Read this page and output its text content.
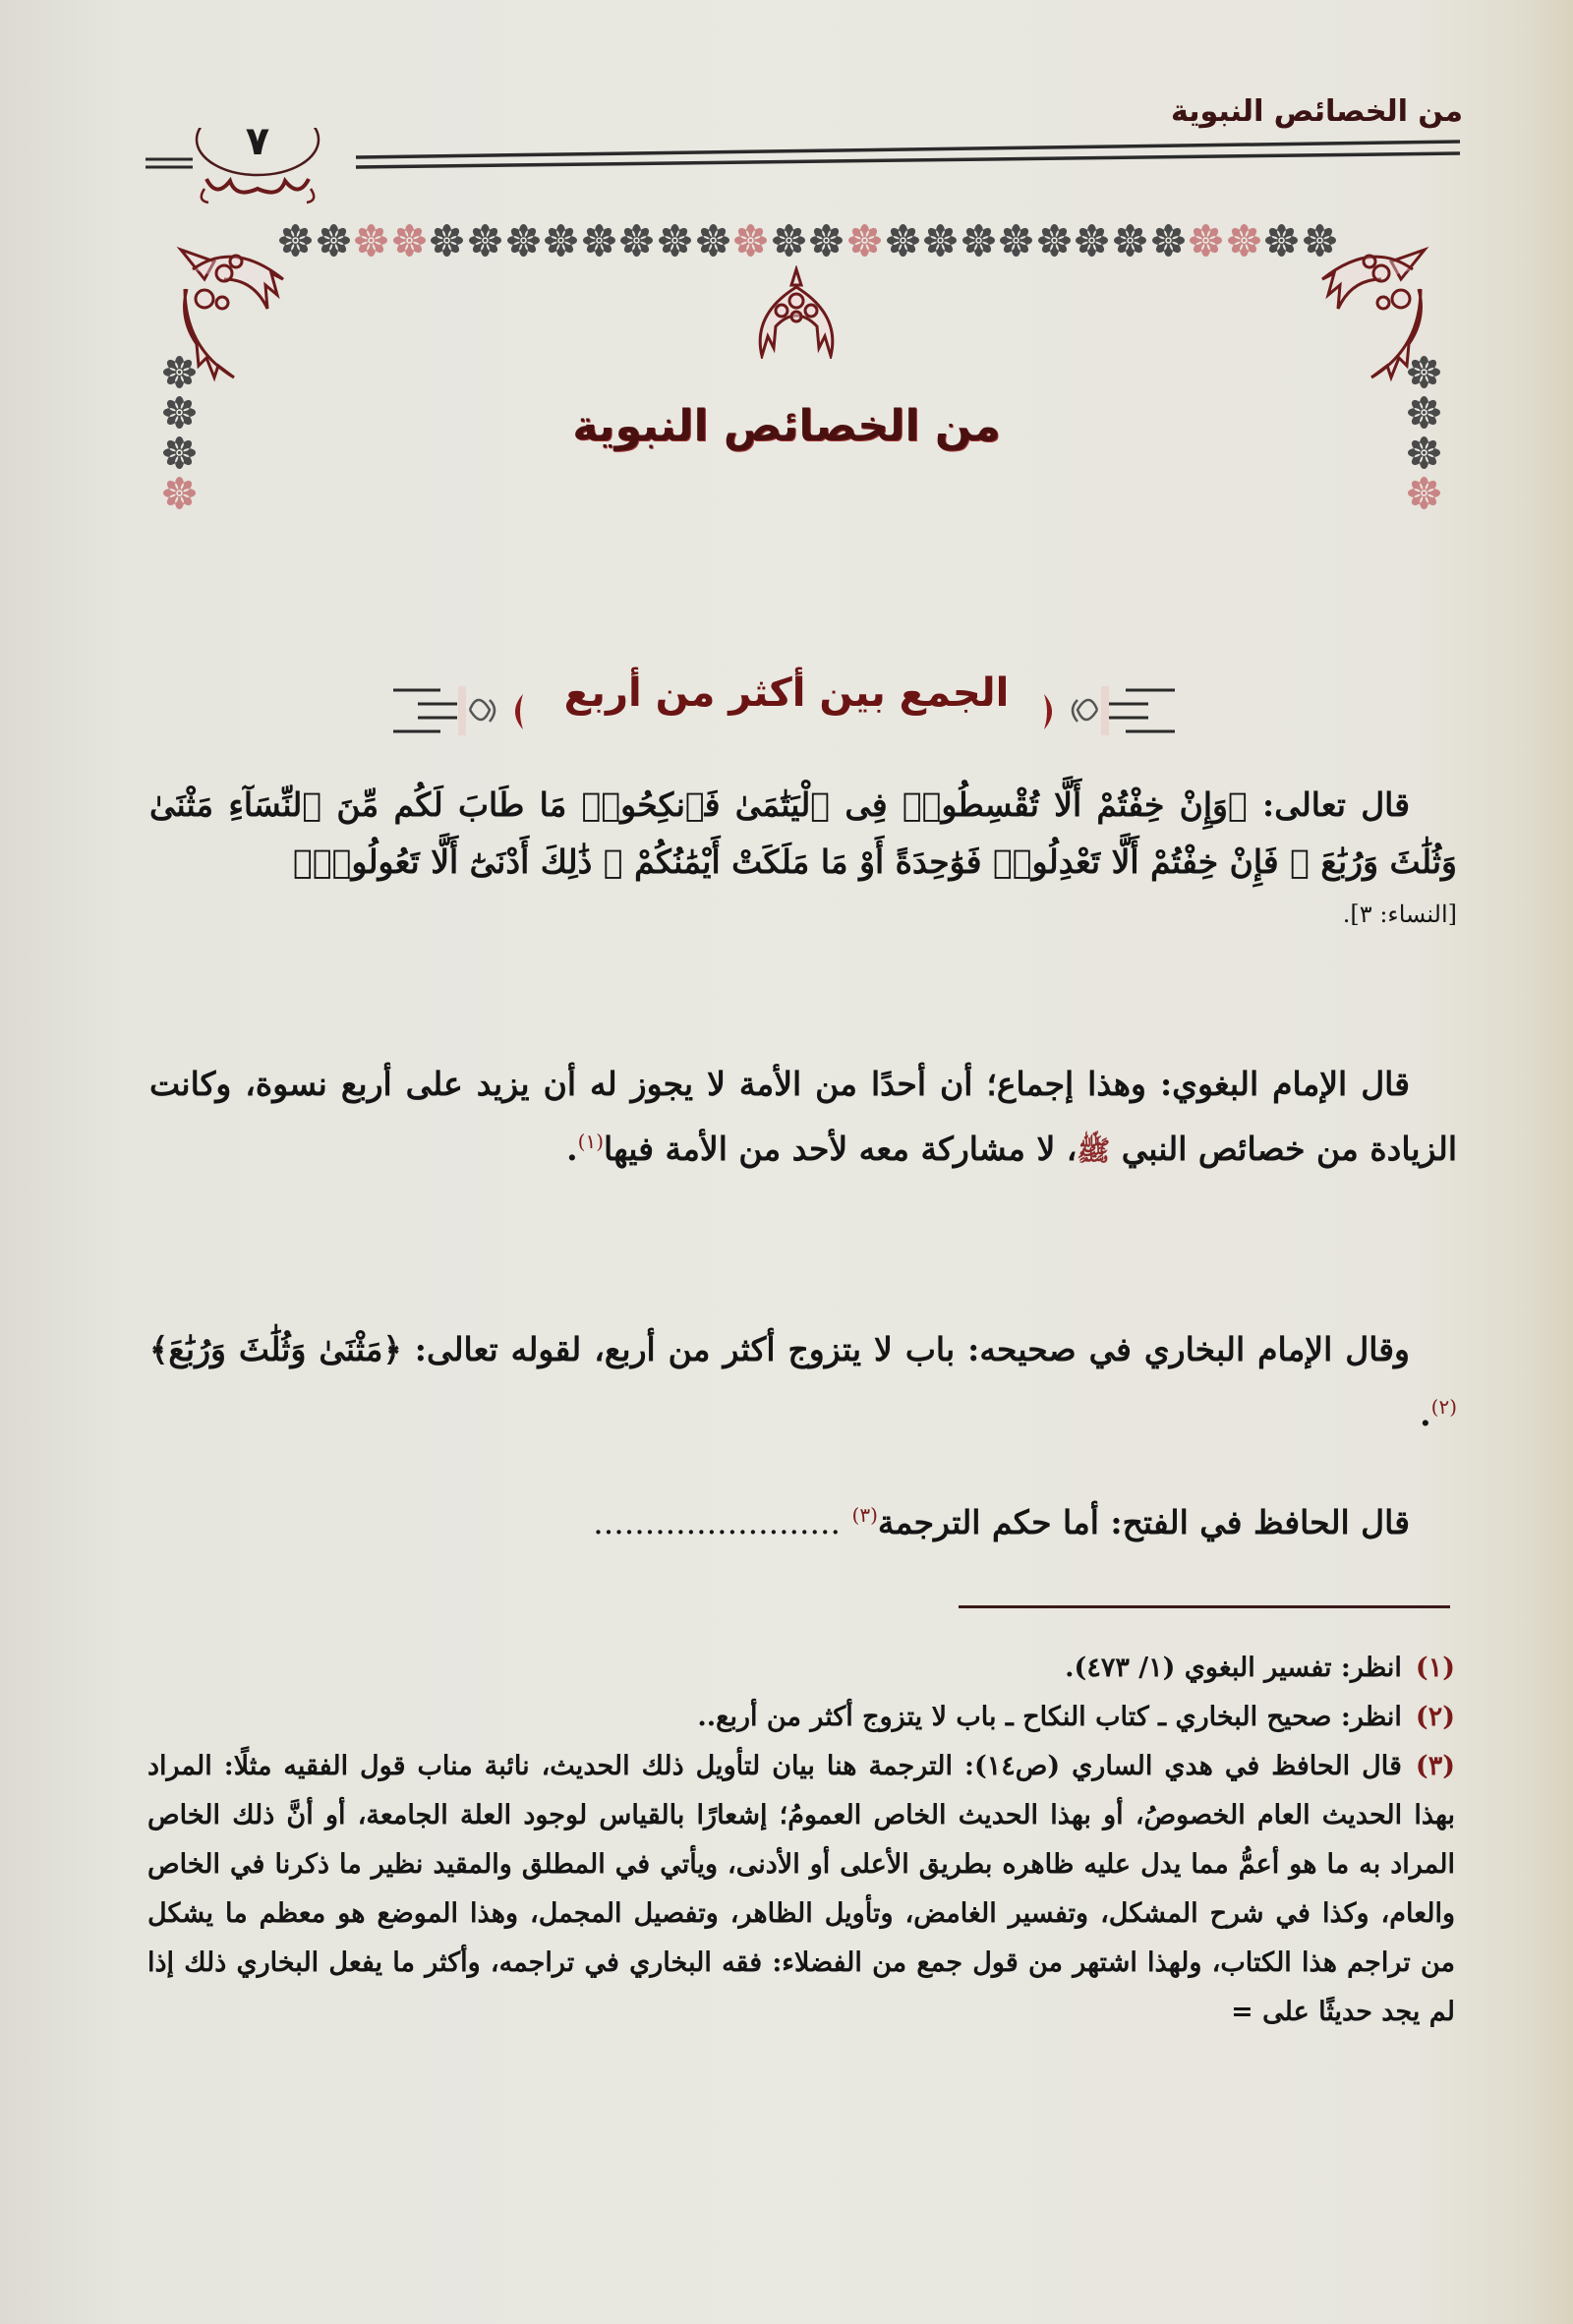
من الخصائص النبوية
٧
من الخصائص النبوية
الجمع بين أكثر من أربع

قال تعالى: ﴿وَإِنْ خِفْتُمْ أَلَّا تُقْسِطُوا۟ فِى ٱلْيَتَٰمَىٰ فَٱنكِحُوا۟ مَا طَابَ لَكُم مِّنَ ٱلنِّسَآءِ مَثْنَىٰ وَثُلَٰثَ وَرُبَٰعَ ۖ فَإِنْ خِفْتُمْ أَلَّا تَعْدِلُوا۟ فَوَٰحِدَةً أَوْ مَا مَلَكَتْ أَيْمَٰنُكُمْ ۚ ذَٰلِكَ أَدْنَىٰٓ أَلَّا تَعُولُوا۟﴾

[النساء: ٣].

قال الإمام البغوي: وهذا إجماع؛ أن أحدًا من الأمة لا يجوز له أن يزيد على أربع نسوة، وكانت الزيادة من خصائص النبي ﷺ، لا مشاركة معه لأحد من الأمة فيها$^{(١)}$.

وقال الإمام البخاري في صحيحه: باب لا يتزوج أكثر من أربع، لقوله تعالى: ﴿مَثْنَىٰ وَثُلَٰثَ وَرُبَٰعَ﴾$^{(٢)}$.

قال الحافظ في الفتح: أما حكم الترجمة$^{(٣)}$ ........................

(١)انظر: تفسير البغوي (١/ ٤٧٣).

(٢)انظر: صحيح البخاري ـ كتاب النكاح ـ باب لا يتزوج أكثر من أربع..

(٣)قال الحافظ في هدي الساري (ص١٤): الترجمة هنا بيان لتأويل ذلك الحديث، نائبة مناب قول الفقيه مثلًا: المراد بهذا الحديث العام الخصوصُ، أو بهذا الحديث الخاص العمومُ؛ إشعارًا بالقياس لوجود العلة الجامعة، أو أنَّ ذلك الخاص المراد به ما هو أعمُّ مما يدل عليه ظاهره بطريق الأعلى أو الأدنى، ويأتي في المطلق والمقيد نظير ما ذكرنا في الخاص والعام، وكذا في شرح المشكل، وتفسير الغامض، وتأويل الظاهر، وتفصيل المجمل، وهذا الموضع هو معظم ما يشكل من تراجم هذا الكتاب، ولهذا اشتهر من قول جمع من الفضلاء: فقه البخاري في تراجمه، وأكثر ما يفعل البخاري ذلك إذا لم يجد حديثًا على =
